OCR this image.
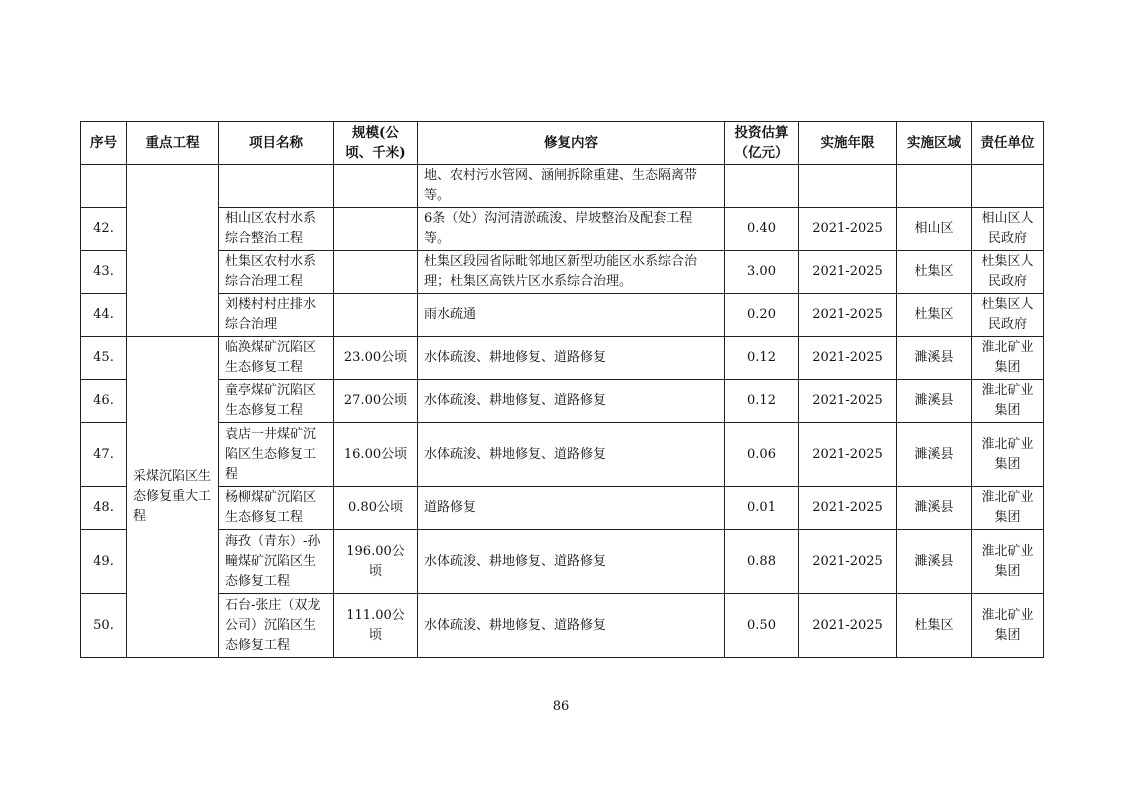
序号	重点工程	项目名称	规模(公顷、千米)	修复内容	投资估算（亿元）	实施年限	实施区域	责任单位
				地、农村污水管网、涵闸拆除重建、生态隔离带等。				
42.		相山区农村水系综合整治工程		6条（处）沟河清淤疏浚、岸坡整治及配套工程等。	0.40	2021-2025	相山区	相山区人民政府
43.		杜集区农村水系综合治理工程		杜集区段园省际毗邻地区新型功能区水系综合治理；杜集区高铁片区水系综合治理。	3.00	2021-2025	杜集区	杜集区人民政府
44.		刘楼村村庄排水综合治理		雨水疏通	0.20	2021-2025	杜集区	杜集区人民政府
45.	采煤沉陷区生态修复重大工程	临涣煤矿沉陷区生态修复工程	23.00公顷	水体疏浚、耕地修复、道路修复	0.12	2021-2025	濉溪县	淮北矿业集团
46.		童亭煤矿沉陷区生态修复工程	27.00公顷	水体疏浚、耕地修复、道路修复	0.12	2021-2025	濉溪县	淮北矿业集团
47.		袁店一井煤矿沉陷区生态修复工程	16.00公顷	水体疏浚、耕地修复、道路修复	0.06	2021-2025	濉溪县	淮北矿业集团
48.		杨柳煤矿沉陷区生态修复工程	0.80公顷	道路修复	0.01	2021-2025	濉溪县	淮北矿业集团
49.		海孜（青东）-孙疃煤矿沉陷区生态修复工程	196.00公顷	水体疏浚、耕地修复、道路修复	0.88	2021-2025	濉溪县	淮北矿业集团
50.		石台-张庄（双龙公司）沉陷区生态修复工程	111.00公顷	水体疏浚、耕地修复、道路修复	0.50	2021-2025	杜集区	淮北矿业集团
86
